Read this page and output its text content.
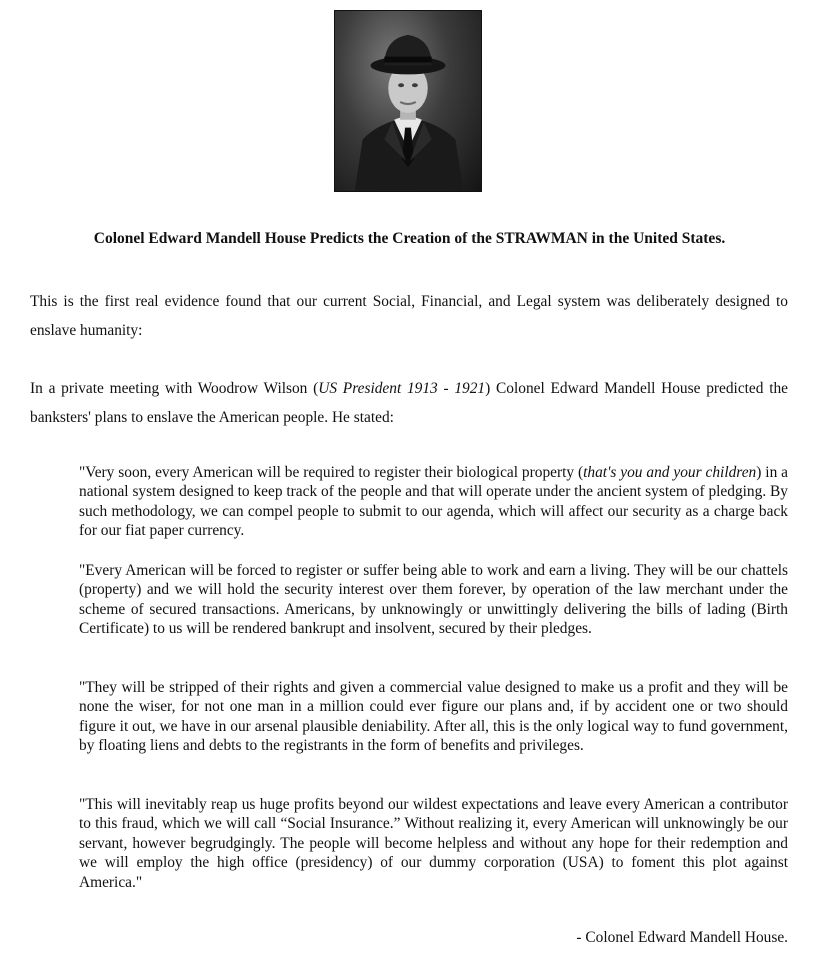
Colonel Edward Mandell House Predicts the Creation of the STRAWMAN in the United States.

This is the first real evidence found that our current Social, Financial, and Legal system was deliberately designed to enslave humanity:

In a private meeting with Woodrow Wilson (US President 1913 - 1921) Colonel Edward Mandell House predicted the banksters' plans to enslave the American people. He stated:

"Very soon, every American will be required to register their biological property (that's you and your children) in a national system designed to keep track of the people and that will operate under the ancient system of pledging. By such methodology, we can compel people to submit to our agenda, which will affect our security as a charge back for our fiat paper currency.

"Every American will be forced to register or suffer being able to work and earn a living. They will be our chattels (property) and we will hold the security interest over them forever, by operation of the law merchant under the scheme of secured transactions. Americans, by unknowingly or unwittingly delivering the bills of lading (Birth Certificate) to us will be rendered bankrupt and insolvent, secured by their pledges.

"They will be stripped of their rights and given a commercial value designed to make us a profit and they will be none the wiser, for not one man in a million could ever figure our plans and, if by accident one or two should figure it out, we have in our arsenal plausible deniability. After all, this is the only logical way to fund government, by floating liens and debts to the registrants in the form of benefits and privileges.

"This will inevitably reap us huge profits beyond our wildest expectations and leave every American a contributor to this fraud, which we will call “Social Insurance.” Without realizing it, every American will unknowingly be our servant, however begrudgingly. The people will become helpless and without any hope for their redemption and we will employ the high office (presidency) of our dummy corporation (USA) to foment this plot against America."

- Colonel Edward Mandell House.
